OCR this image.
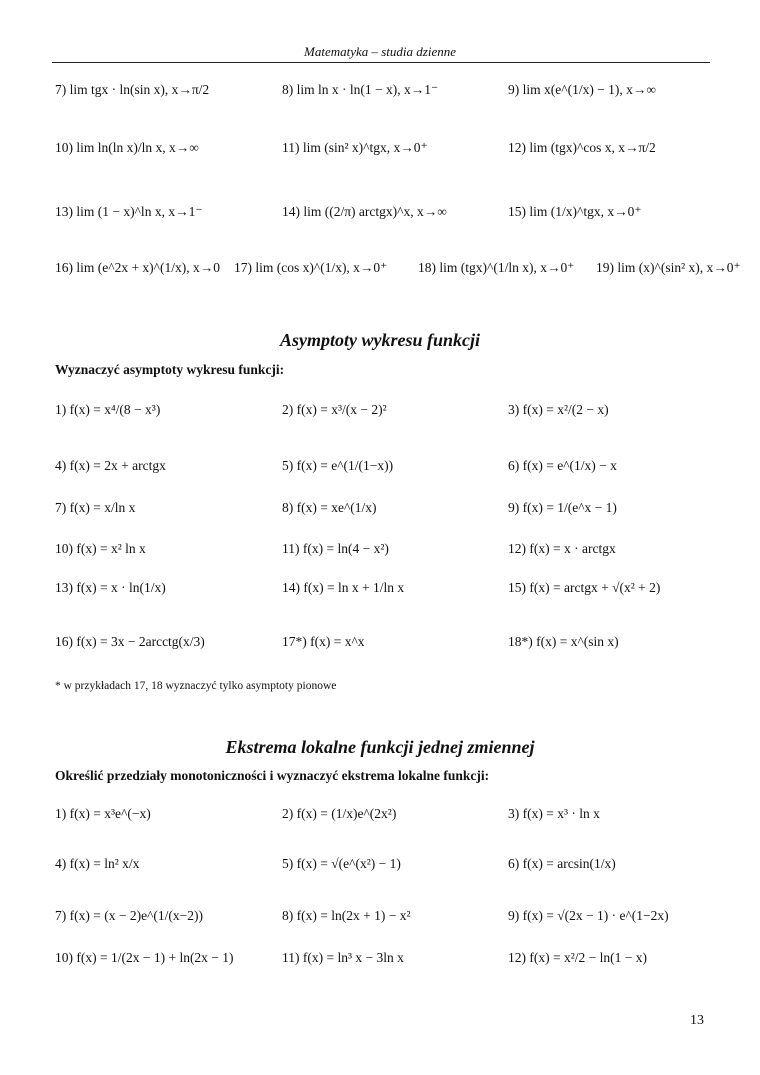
Matematyka – studia dzienne
7) lim tgx · ln(sin x), x→π/2	8) lim ln x · ln(1 − x), x→1⁻	9) lim x(e^(1/x) − 1), x→∞
10) lim ln(ln x)/ln x, x→∞	11) lim (sin² x)^tgx, x→0⁺	12) lim (tgx)^cos x, x→π/2
13) lim (1 − x)^ln x, x→1⁻	14) lim ((2/π) arctgx)^x, x→∞	15) lim (1/x)^tgx, x→0⁺
16) lim (e^2x + x)^(1/x), x→0 17) lim (cos x)^(1/x), x→0⁺ 18) lim (tgx)^(1/ln x), x→0⁺ 19) lim (x)^(sin² x), x→0⁺
Asymptoty wykresu funkcji
Wyznaczyć asymptoty wykresu funkcji:
1) f(x) = x⁴/(8 − x³)	2) f(x) = x³/(x − 2)²	3) f(x) = x²/(2 − x)
4) f(x) = 2x + arctgx	5) f(x) = e^(1/(1−x))	6) f(x) = e^(1/x) − x
7) f(x) = x/ln x	8) f(x) = xe^(1/x)	9) f(x) = 1/(e^x − 1)
10) f(x) = x² ln x	11) f(x) = ln(4 − x²)	12) f(x) = x · arctgx
13) f(x) = x · ln(1/x)	14) f(x) = ln x + 1/ln x	15) f(x) = arctgx + √(x² + 2)
16) f(x) = 3x − 2arcctg(x/3)	17*) f(x) = x^x	18*) f(x) = x^(sin x)
* w przykładach 17, 18 wyznaczyć tylko asymptoty pionowe
Ekstrema lokalne funkcji jednej zmiennej
Określić przedziały monotoniczności i wyznaczyć ekstrema lokalne funkcji:
1) f(x) = x³e^(−x)	2) f(x) = (1/x)e^(2x²)	3) f(x) = x³ · ln x
4) f(x) = ln² x/x	5) f(x) = √(e^(x²) − 1)	6) f(x) = arcsin(1/x)
7) f(x) = (x − 2)e^(1/(x−2))	8) f(x) = ln(2x + 1) − x²	9) f(x) = √(2x − 1) · e^(1−2x)
10) f(x) = 1/(2x − 1) + ln(2x − 1)	11) f(x) = ln³ x − 3ln x	12) f(x) = x²/2 − ln(1 − x)
13
